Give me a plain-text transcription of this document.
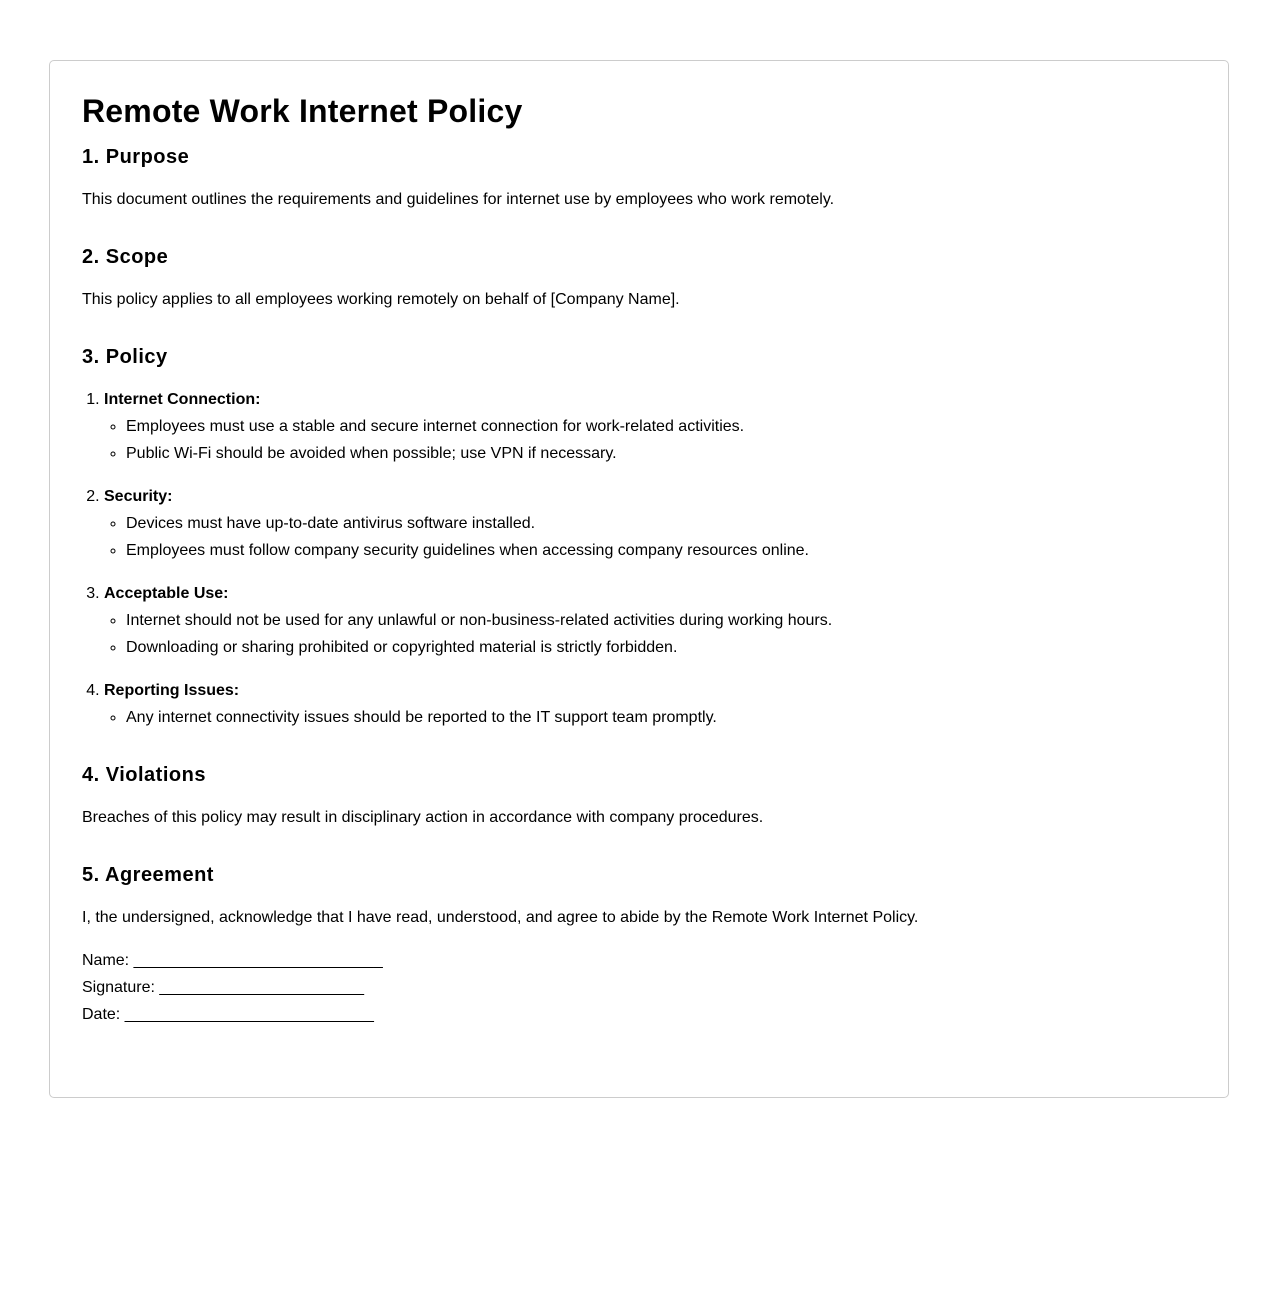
Remote Work Internet Policy
1. Purpose

This document outlines the requirements and guidelines for internet use by employees who work remotely.

2. Scope

This policy applies to all employees working remotely on behalf of [Company Name].

3. Policy
1. Internet Connection:
◦ Employees must use a stable and secure internet connection for work-related activities.
◦ Public Wi-Fi should be avoided when possible; use VPN if necessary.
2. Security:
◦ Devices must have up-to-date antivirus software installed.
◦ Employees must follow company security guidelines when accessing company resources online.
3. Acceptable Use:
◦ Internet should not be used for any unlawful or non-business-related activities during working hours.
◦ Downloading or sharing prohibited or copyrighted material is strictly forbidden.
4. Reporting Issues:
◦ Any internet connectivity issues should be reported to the IT support team promptly.
4. Violations

Breaches of this policy may result in disciplinary action in accordance with company procedures.

5. Agreement

I, the undersigned, acknowledge that I have read, understood, and agree to abide by the Remote Work Internet Policy.

Name: ____________________________
Signature: _______________________
Date: ____________________________
